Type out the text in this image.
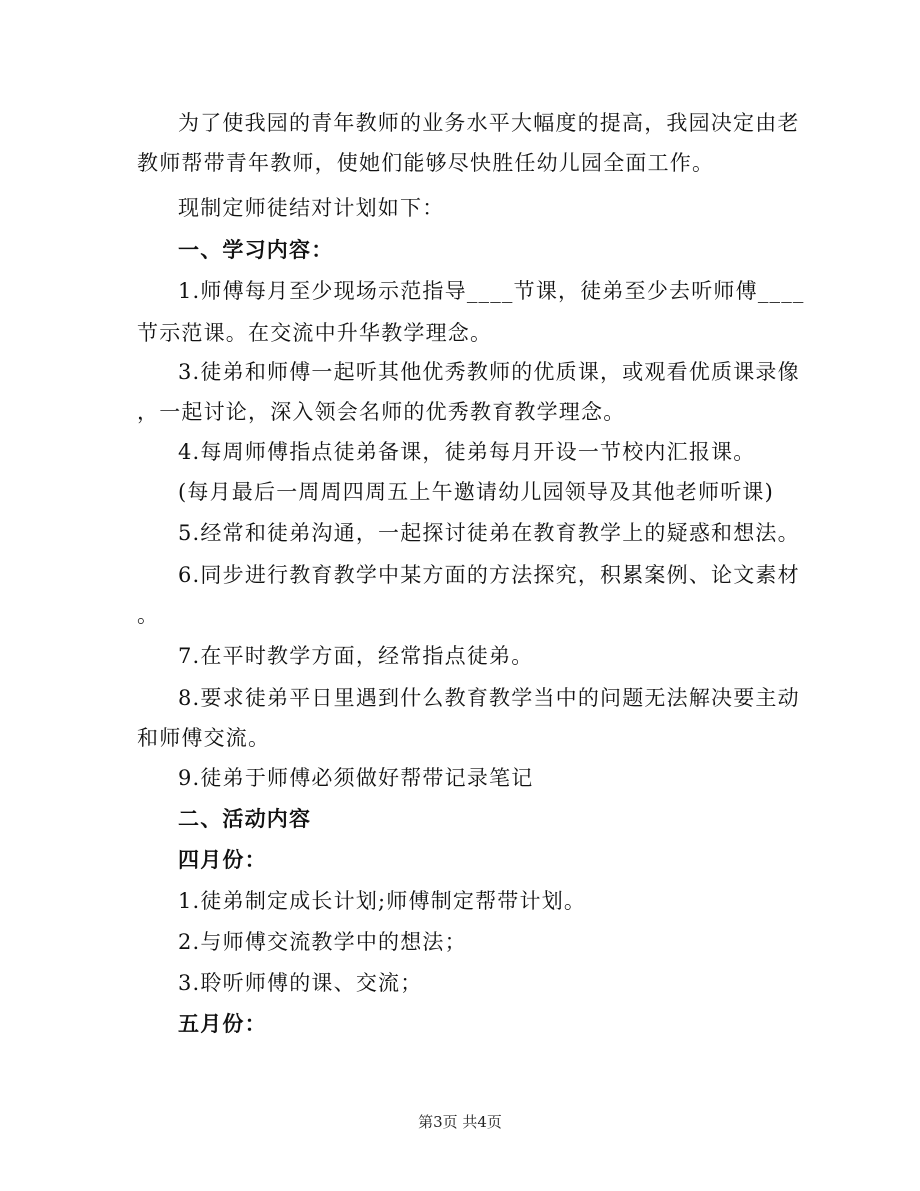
为了使我园的青年教师的业务水平大幅度的提高，我园决定由老
教师帮带青年教师，使她们能够尽快胜任幼儿园全面工作。
现制定师徒结对计划如下：
一、学习内容：
1.师傅每月至少现场示范指导____节课，徒弟至少去听师傅____
节示范课。在交流中升华教学理念。
3.徒弟和师傅一起听其他优秀教师的优质课，或观看优质课录像
，一起讨论，深入领会名师的优秀教育教学理念。
4.每周师傅指点徒弟备课，徒弟每月开设一节校内汇报课。
(每月最后一周周四周五上午邀请幼儿园领导及其他老师听课)
5.经常和徒弟沟通，一起探讨徒弟在教育教学上的疑惑和想法。
6.同步进行教育教学中某方面的方法探究，积累案例、论文素材
。
7.在平时教学方面，经常指点徒弟。
8.要求徒弟平日里遇到什么教育教学当中的问题无法解决要主动
和师傅交流。
9.徒弟于师傅必须做好帮带记录笔记
二、活动内容
四月份：
1.徒弟制定成长计划;师傅制定帮带计划。
2.与师傅交流教学中的想法；
3.聆听师傅的课、交流；
五月份：
第3页 共4页
